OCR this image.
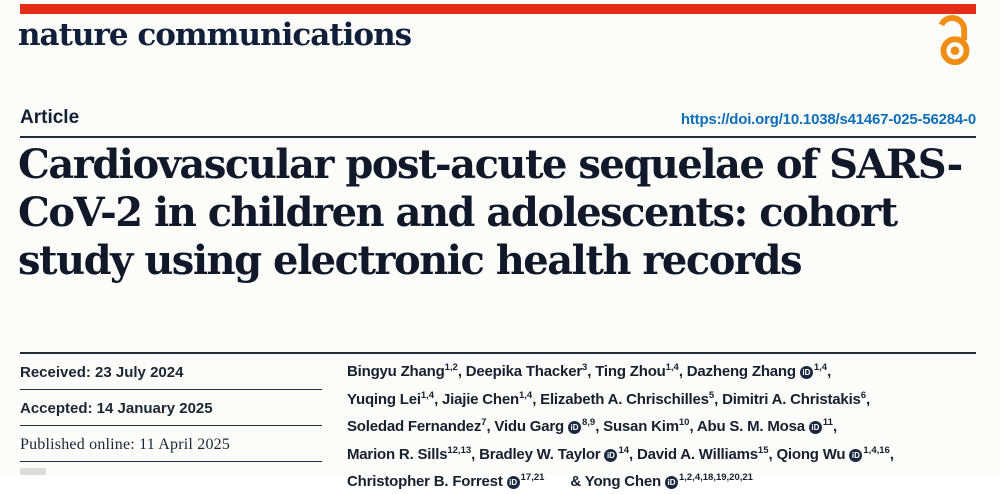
nature communications
Article	https://doi.org/10.1038/s41467-025-56284-0
Cardiovascular post-acute sequelae of SARS-
CoV-2 in children and adolescents: cohort
study using electronic health records
Received: 23 July 2024
Accepted: 14 January 2025
Published online: 11 April 2025
Bingyu Zhang$^{1,2}$, Deepika Thacker$^3$, Ting Zhou$^{1,4}$, Dazheng Zhang iD $^{1,4}$,
Yuqing Lei$^{1,4}$, Jiajie Chen$^{1,4}$, Elizabeth A. Chrischilles$^5$, Dimitri A. Christakis$^6$,
Soledad Fernandez$^7$, Vidu Garg iD $^{8,9}$, Susan Kim$^{10}$, Abu S. M. Mosa iD $^{11}$,
Marion R. Sills$^{12,13}$, Bradley W. Taylor iD $^{14}$, David A. Williams$^{15}$, Qiong Wu iD $^{1,4,16}$,
Christopher B. Forrest iD $^{17,21}$ & Yong Chen iD $^{1,2,4,18,19,20,21}$
